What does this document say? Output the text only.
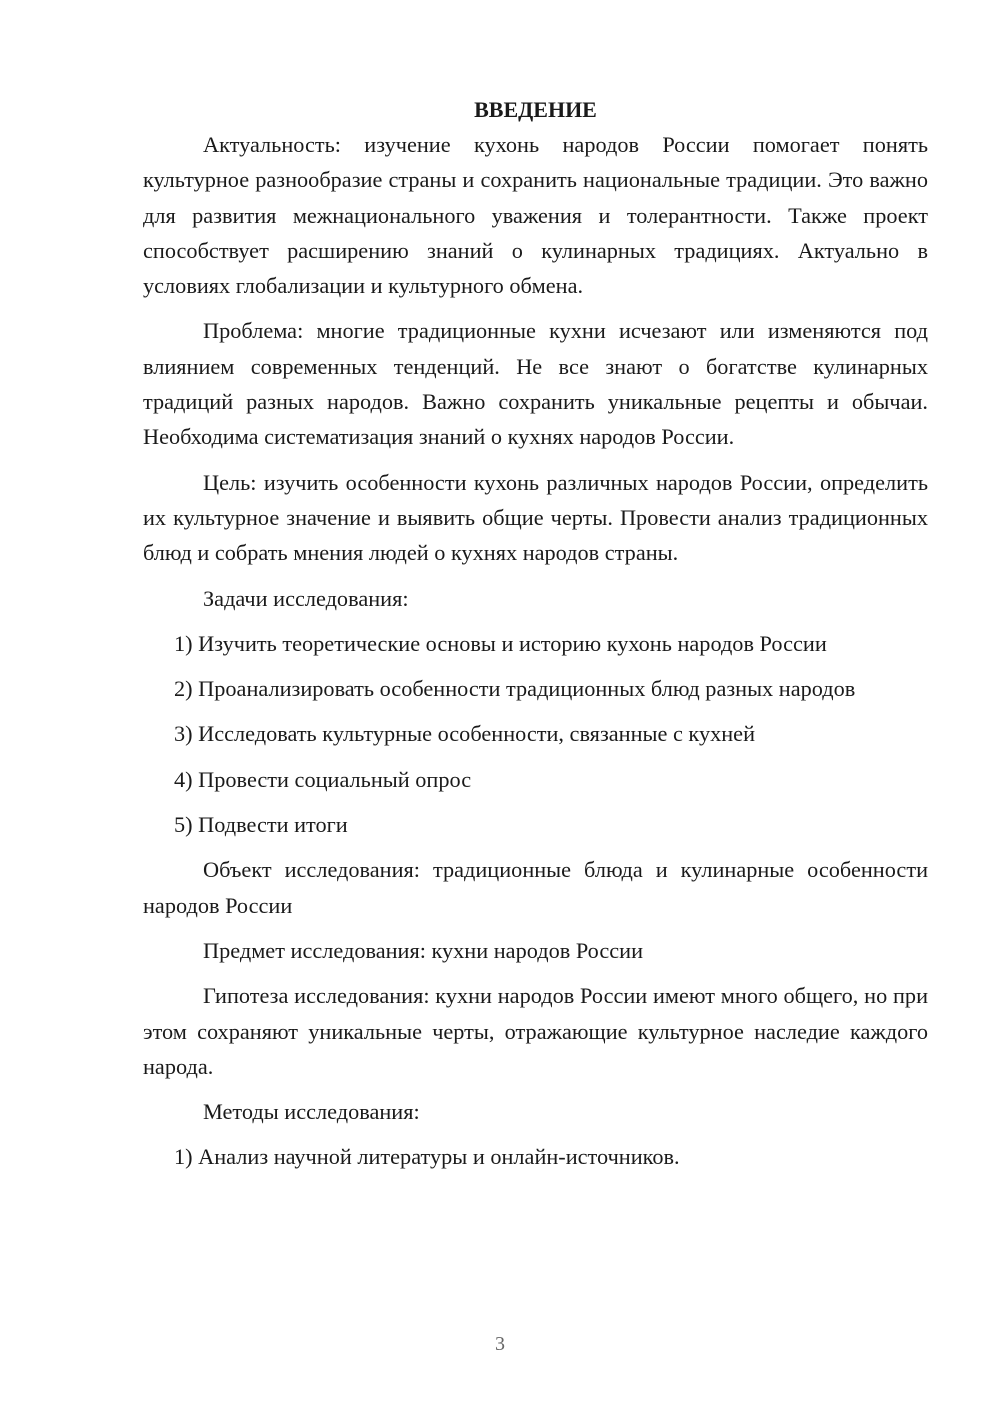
ВВЕДЕНИЕ

Актуальность: изучение кухонь народов России помогает понять культурное разнообразие страны и сохранить национальные традиции. Это важно для развития межнационального уважения и толерантности. Также проект способствует расширению знаний о кулинарных традициях. Актуально в условиях глобализации и культурного обмена.

Проблема: многие традиционные кухни исчезают или изменяются под влиянием современных тенденций. Не все знают о богатстве кулинарных традиций разных народов. Важно сохранить уникальные рецепты и обычаи. Необходима систематизация знаний о кухнях народов России.

Цель: изучить особенности кухонь различных народов России, определить их культурное значение и выявить общие черты. Провести анализ традиционных блюд и собрать мнения людей о кухнях народов страны.

Задачи исследования:

1) Изучить теоретические основы и историю кухонь народов России

2) Проанализировать особенности традиционных блюд разных народов

3) Исследовать культурные особенности, связанные с кухней

4) Провести социальный опрос

5) Подвести итоги

Объект исследования: традиционные блюда и кулинарные особенности народов России

Предмет исследования: кухни народов России

Гипотеза исследования: кухни народов России имеют много общего, но при этом сохраняют уникальные черты, отражающие культурное наследие каждого народа.

Методы исследования:

1) Анализ научной литературы и онлайн-источников.

3
